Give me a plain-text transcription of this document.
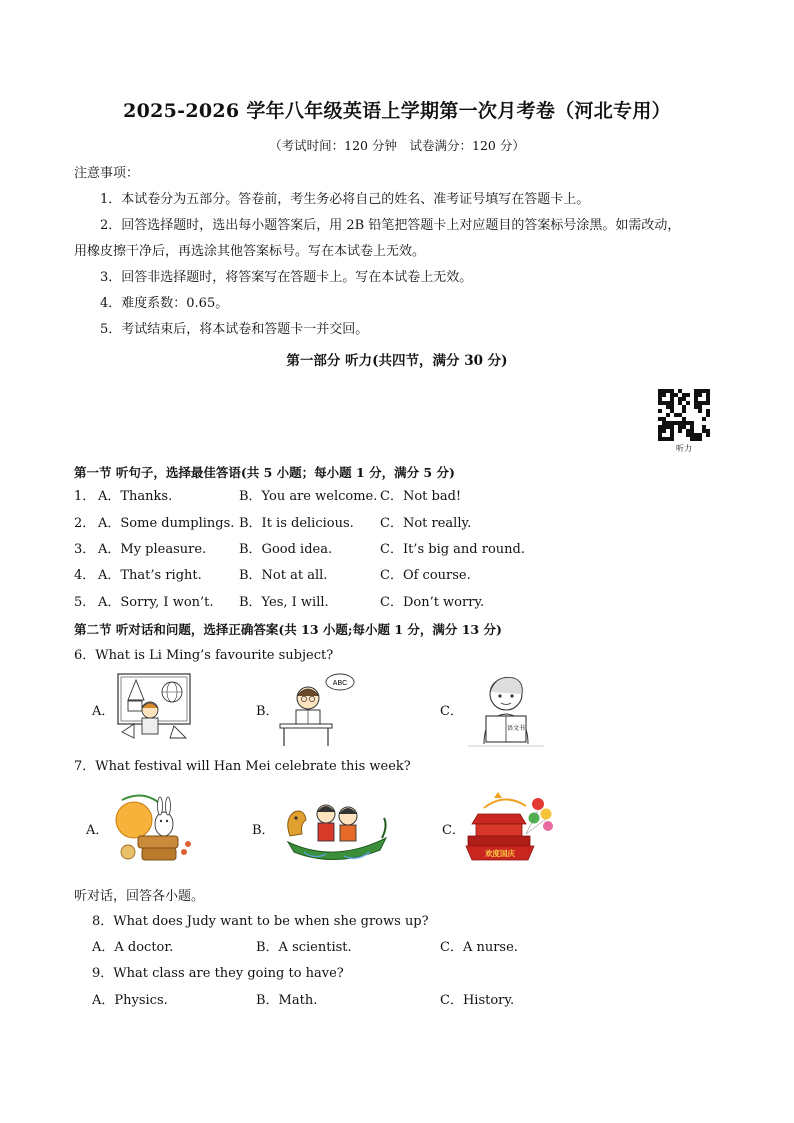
2025-2026 学年八年级英语上学期第一次月考卷（河北专用）
（考试时间：120 分钟　试卷满分：120 分）
注意事项：
1．本试卷分为五部分。答卷前，考生务必将自己的姓名、准考证号填写在答题卡上。
2．回答选择题时，选出每小题答案后，用 2B 铅笔把答题卡上对应题目的答案标号涂黑。如需改动，
用橡皮擦干净后，再选涂其他答案标号。写在本试卷上无效。
3．回答非选择题时，将答案写在答题卡上。写在本试卷上无效。
4．难度系数：0.65。
5．考试结束后，将本试卷和答题卡一并交回。
第一部分 听力(共四节，满分 30 分)
听力
第一节 听句子，选择最佳答语(共 5 小题；每小题 1 分，满分 5 分)
1． A．Thanks.	B．You are welcome. C．Not bad!
2． A．Some dumplings. B．It is delicious. C．Not really.
3． A．My pleasure.	B．Good idea.	C．It’s big and round.
4． A．That’s right.	B．Not at all.	C．Of course.
5． A．Sorry, I won’t. B．Yes, I will.	C．Don’t worry.
第二节 听对话和问题，选择正确答案(共 13 小题;每小题 1 分，满分 13 分)
6．What is Li Ming’s favourite subject?
A．	B．
ABC
C．
语文书
7．What festival will Han Mei celebrate this week?
A．	B．	C．
欢度国庆
听对话，回答各小题。
8．What does Judy want to be when she grows up?
A．A doctor.	B．A scientist.	C．A nurse.
9．What class are they going to have?
A．Physics.	B．Math.	C．History.
